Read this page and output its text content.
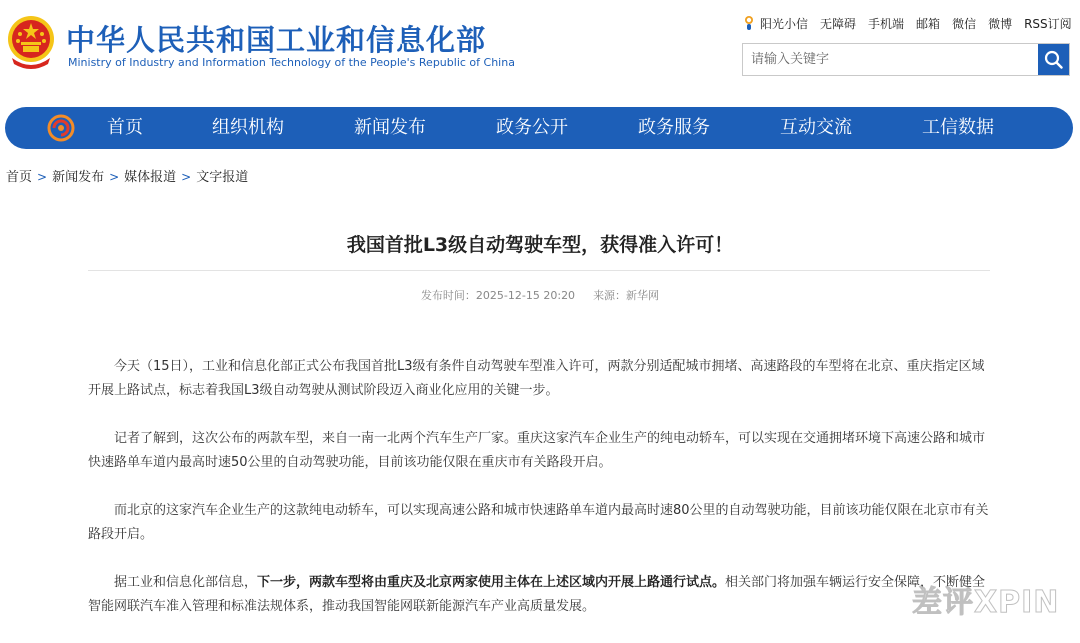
中华人民共和国工业和信息化部
Ministry of Industry and Information Technology of the People's Republic of China
阳光小信 无障碍 手机端 邮箱 微信 微博 RSS订阅
请输入关键字
首页	组织机构	新闻发布	政务公开	政务服务	互动交流	工信数据
首页 > 新闻发布 > 媒体报道 > 文字报道
我国首批L3级自动驾驶车型，获得准入许可！
发布时间：2025-12-15 20:20 来源：新华网

今天（15日），工业和信息化部正式公布我国首批L3级有条件自动驾驶车型准入许可，两款分别适配城市拥堵、高速路段的车型将在北京、重庆指定区域开展上路试点，标志着我国L3级自动驾驶从测试阶段迈入商业化应用的关键一步。

记者了解到，这次公布的两款车型，来自一南一北两个汽车生产厂家。重庆这家汽车企业生产的纯电动轿车，可以实现在交通拥堵环境下高速公路和城市快速路单车道内最高时速50公里的自动驾驶功能，目前该功能仅限在重庆市有关路段开启。

而北京的这家汽车企业生产的这款纯电动轿车，可以实现高速公路和城市快速路单车道内最高时速80公里的自动驾驶功能，目前该功能仅限在北京市有关路段开启。

据工业和信息化部信息，下一步，两款车型将由重庆及北京两家使用主体在上述区域内开展上路通行试点。相关部门将加强车辆运行安全保障，不断健全智能网联汽车准入管理和标准法规体系，推动我国智能网联新能源汽车产业高质量发展。	差评XPIN
